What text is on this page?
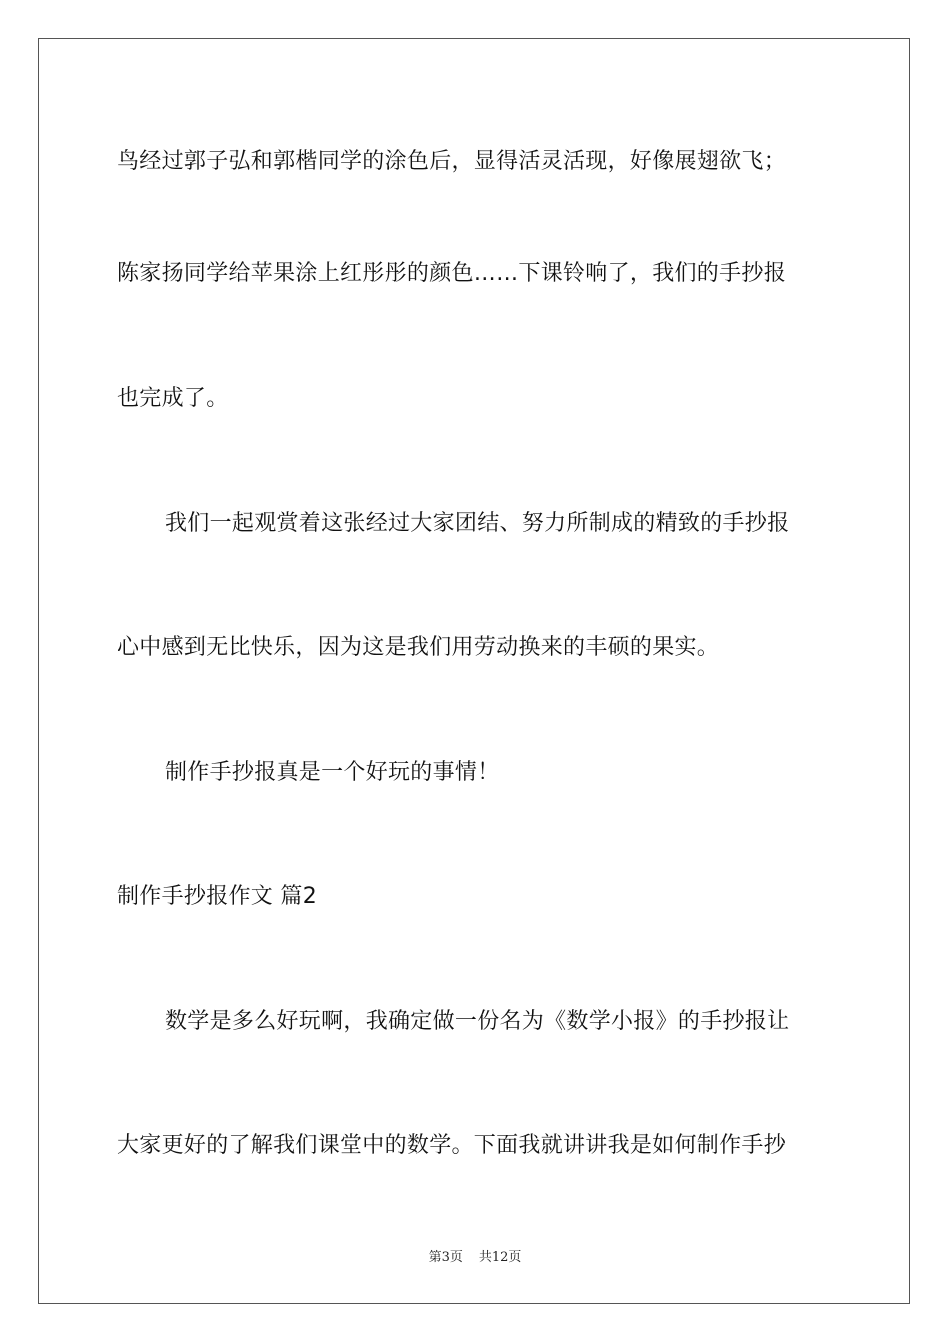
鸟经过郭子弘和郭楷同学的涂色后，显得活灵活现，好像展翅欲飞；
陈家扬同学给苹果涂上红彤彤的颜色……下课铃响了，我们的手抄报
也完成了。
我们一起观赏着这张经过大家团结、努力所制成的精致的手抄报
心中感到无比快乐，因为这是我们用劳动换来的丰硕的果实。
制作手抄报真是一个好玩的事情！
制作手抄报作文 篇2
数学是多么好玩啊，我确定做一份名为《数学小报》的手抄报让
大家更好的了解我们课堂中的数学。下面我就讲讲我是如何制作手抄
第3页 共12页
